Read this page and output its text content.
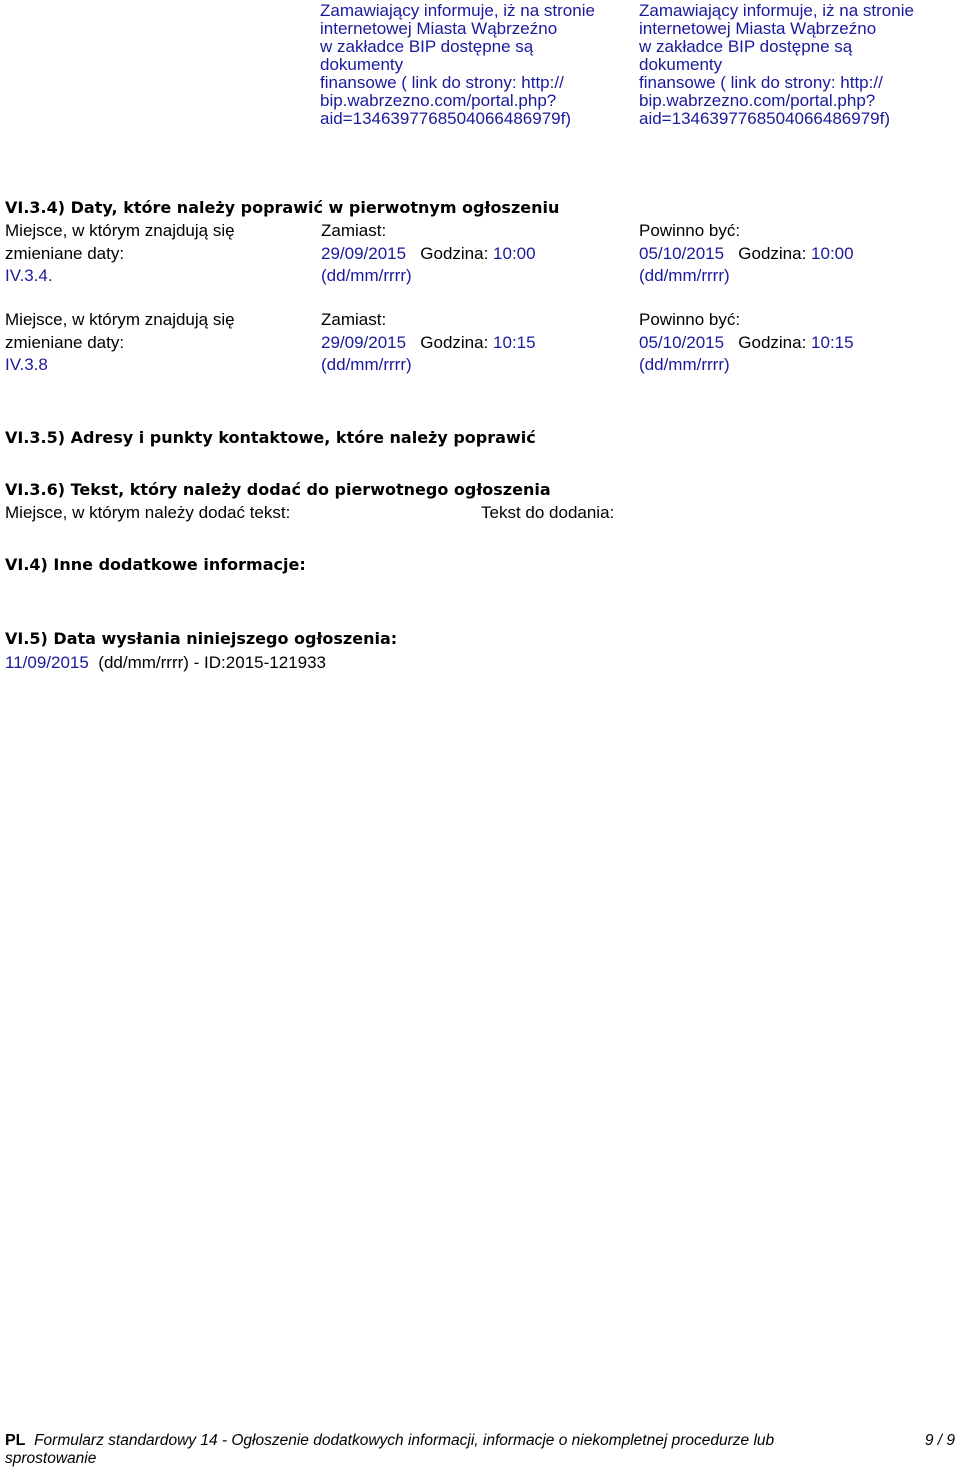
Zamawiający informuje, iż na stronie
internetowej Miasta Wąbrzeźno
w zakładce BIP dostępne są
dokumenty
finansowe ( link do strony: http://
bip.wabrzezno.com/portal.php?
aid=1346397768504066486979f)
Zamawiający informuje, iż na stronie
internetowej Miasta Wąbrzeźno
w zakładce BIP dostępne są
dokumenty
finansowe ( link do strony: http://
bip.wabrzezno.com/portal.php?
aid=1346397768504066486979f)
VI.3.4) Daty, które należy poprawić w pierwotnym ogłoszeniu
Miejsce, w którym znajdują się
zmieniane daty:
IV.3.4.
Zamiast:
29/09/2015 Godzina: 10:00
(dd/mm/rrrr)
Powinno być:
05/10/2015 Godzina: 10:00
(dd/mm/rrrr)
Miejsce, w którym znajdują się
zmieniane daty:
IV.3.8
Zamiast:
29/09/2015 Godzina: 10:15
(dd/mm/rrrr)
Powinno być:
05/10/2015 Godzina: 10:15
(dd/mm/rrrr)
VI.3.5) Adresy i punkty kontaktowe, które należy poprawić
VI.3.6) Tekst, który należy dodać do pierwotnego ogłoszenia
Miejsce, w którym należy dodać tekst:	Tekst do dodania:
VI.4) Inne dodatkowe informacje:
VI.5) Data wysłania niniejszego ogłoszenia:
11/09/2015 (dd/mm/rrrr) - ID:2015-121933
PL Formularz standardowy 14 - Ogłoszenie dodatkowych informacji, informacje o niekompletnej procedurze lub
sprostowanie
9 / 9
